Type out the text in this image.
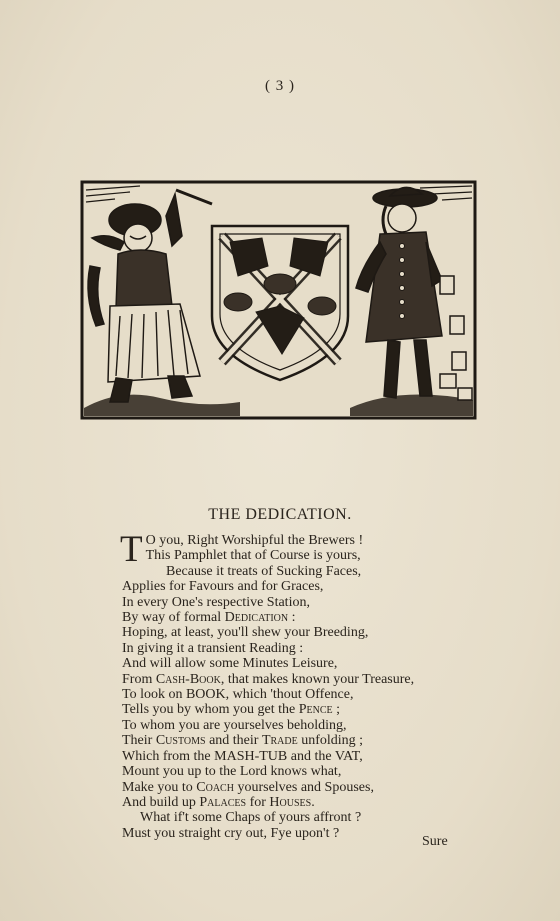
( 3 )
THE DEDICATION.
T O you, Right Worshipful the Brewers !
This Pamphlet that of Course is yours,
Because it treats of Sucking Faces,
Applies for Favours and for Graces,
In every One's respective Station,
By way of formal Dedication :
Hoping, at least, you'll shew your Breeding,
In giving it a transient Reading :
And will allow some Minutes Leisure,
From Cash-Book, that makes known your Treasure,
To look on BOOK, which 'thout Offence,
Tells you by whom you get the Pence ;
To whom you are yourselves beholding,
Their Customs and their Trade unfolding ;
Which from the MASH-TUB and the VAT,
Mount you up to the Lord knows what,
Make you to Coach yourselves and Spouses,
And build up Palaces for Houses.
What if't some Chaps of yours affront ?
Must you straight cry out, Fye upon't ?
Sure
